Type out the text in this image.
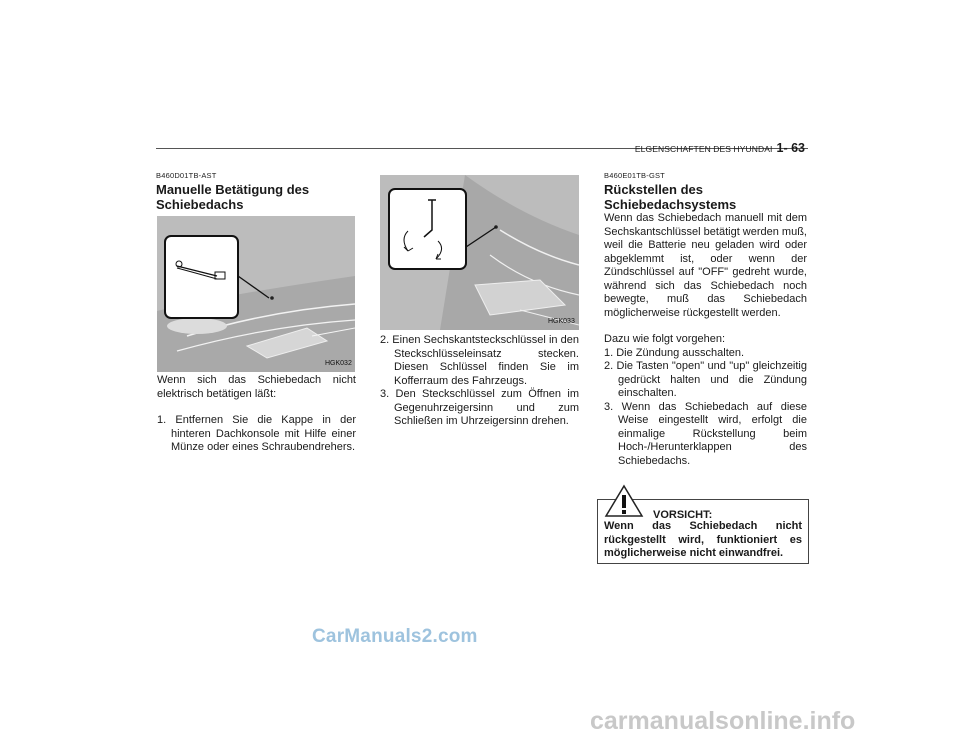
ELGENSCHAFTEN DES HYUNDAI 1- 63
B460D01TB-AST
Manuelle Betätigung des
Schiebedachs
HGK032
Wenn sich das Schiebedach nicht elektrisch betätigen läßt:
1. Entfernen Sie die Kappe in der hinteren Dachkonsole mit Hilfe einer Münze oder eines Schraubendrehers.
HGK033
2. Einen Sechskantsteckschlüssel in den Steckschlüsseleinsatz stecken. Diesen Schlüssel finden Sie im Kofferraum des Fahrzeugs.
3. Den Steckschlüssel zum Öffnen im Gegenuhrzeigersinn und zum Schließen im Uhrzeigersinn drehen.
B460E01TB-GST
Rückstellen des
Schiebedachsystems
Wenn das Schiebedach manuell mit dem Sechskantschlüssel betätigt werden muß, weil die Batterie neu geladen wird oder abgeklemmt ist, oder wenn der Zündschlüssel auf "OFF" gedreht wurde, während sich das Schiebedach noch bewegte, muß das Schiebedach möglicherweise rückgestellt werden.
Dazu wie folgt vorgehen:
1. Die Zündung ausschalten.
2. Die Tasten "open" und "up" gleichzeitig gedrückt halten und die Zündung einschalten.
3. Wenn das Schiebedach auf diese Weise eingestellt wird, erfolgt die einmalige Rückstellung beim Hoch-/Herunterklappen des Schiebedachs.
VORSICHT:
Wenn das Schiebedach nicht rückgestellt wird, funktioniert es möglicherweise nicht einwandfrei.
CarManuals2.com
carmanualsonline.info
